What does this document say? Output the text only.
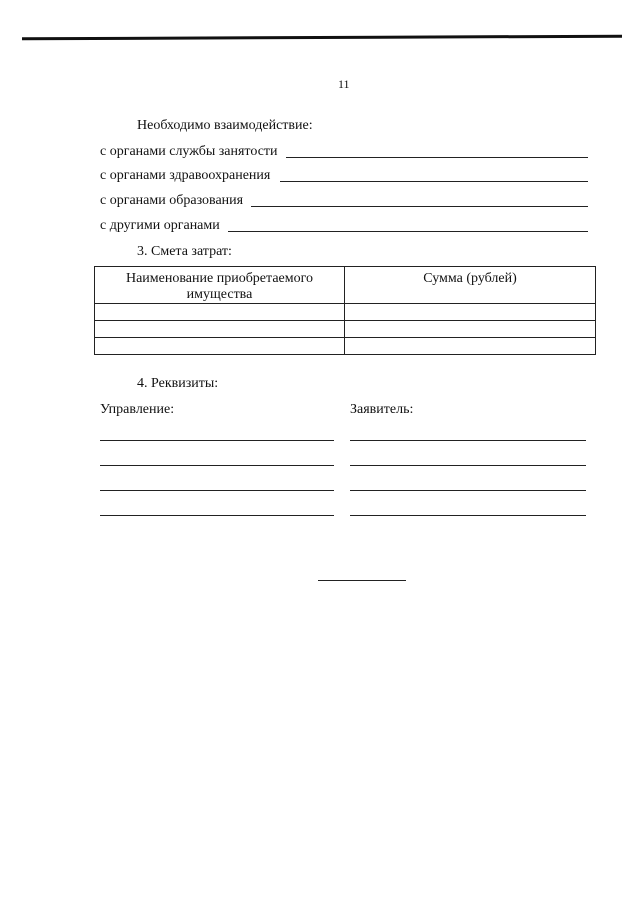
11
Необходимо взаимодействие:
с органами службы занятости
с органами здравоохранения
с органами образования
с другими органами
3. Смета затрат:
Наименование приобретаемого имущества	Сумма (рублей)

4. Реквизиты:
Управление:	Заявитель:
